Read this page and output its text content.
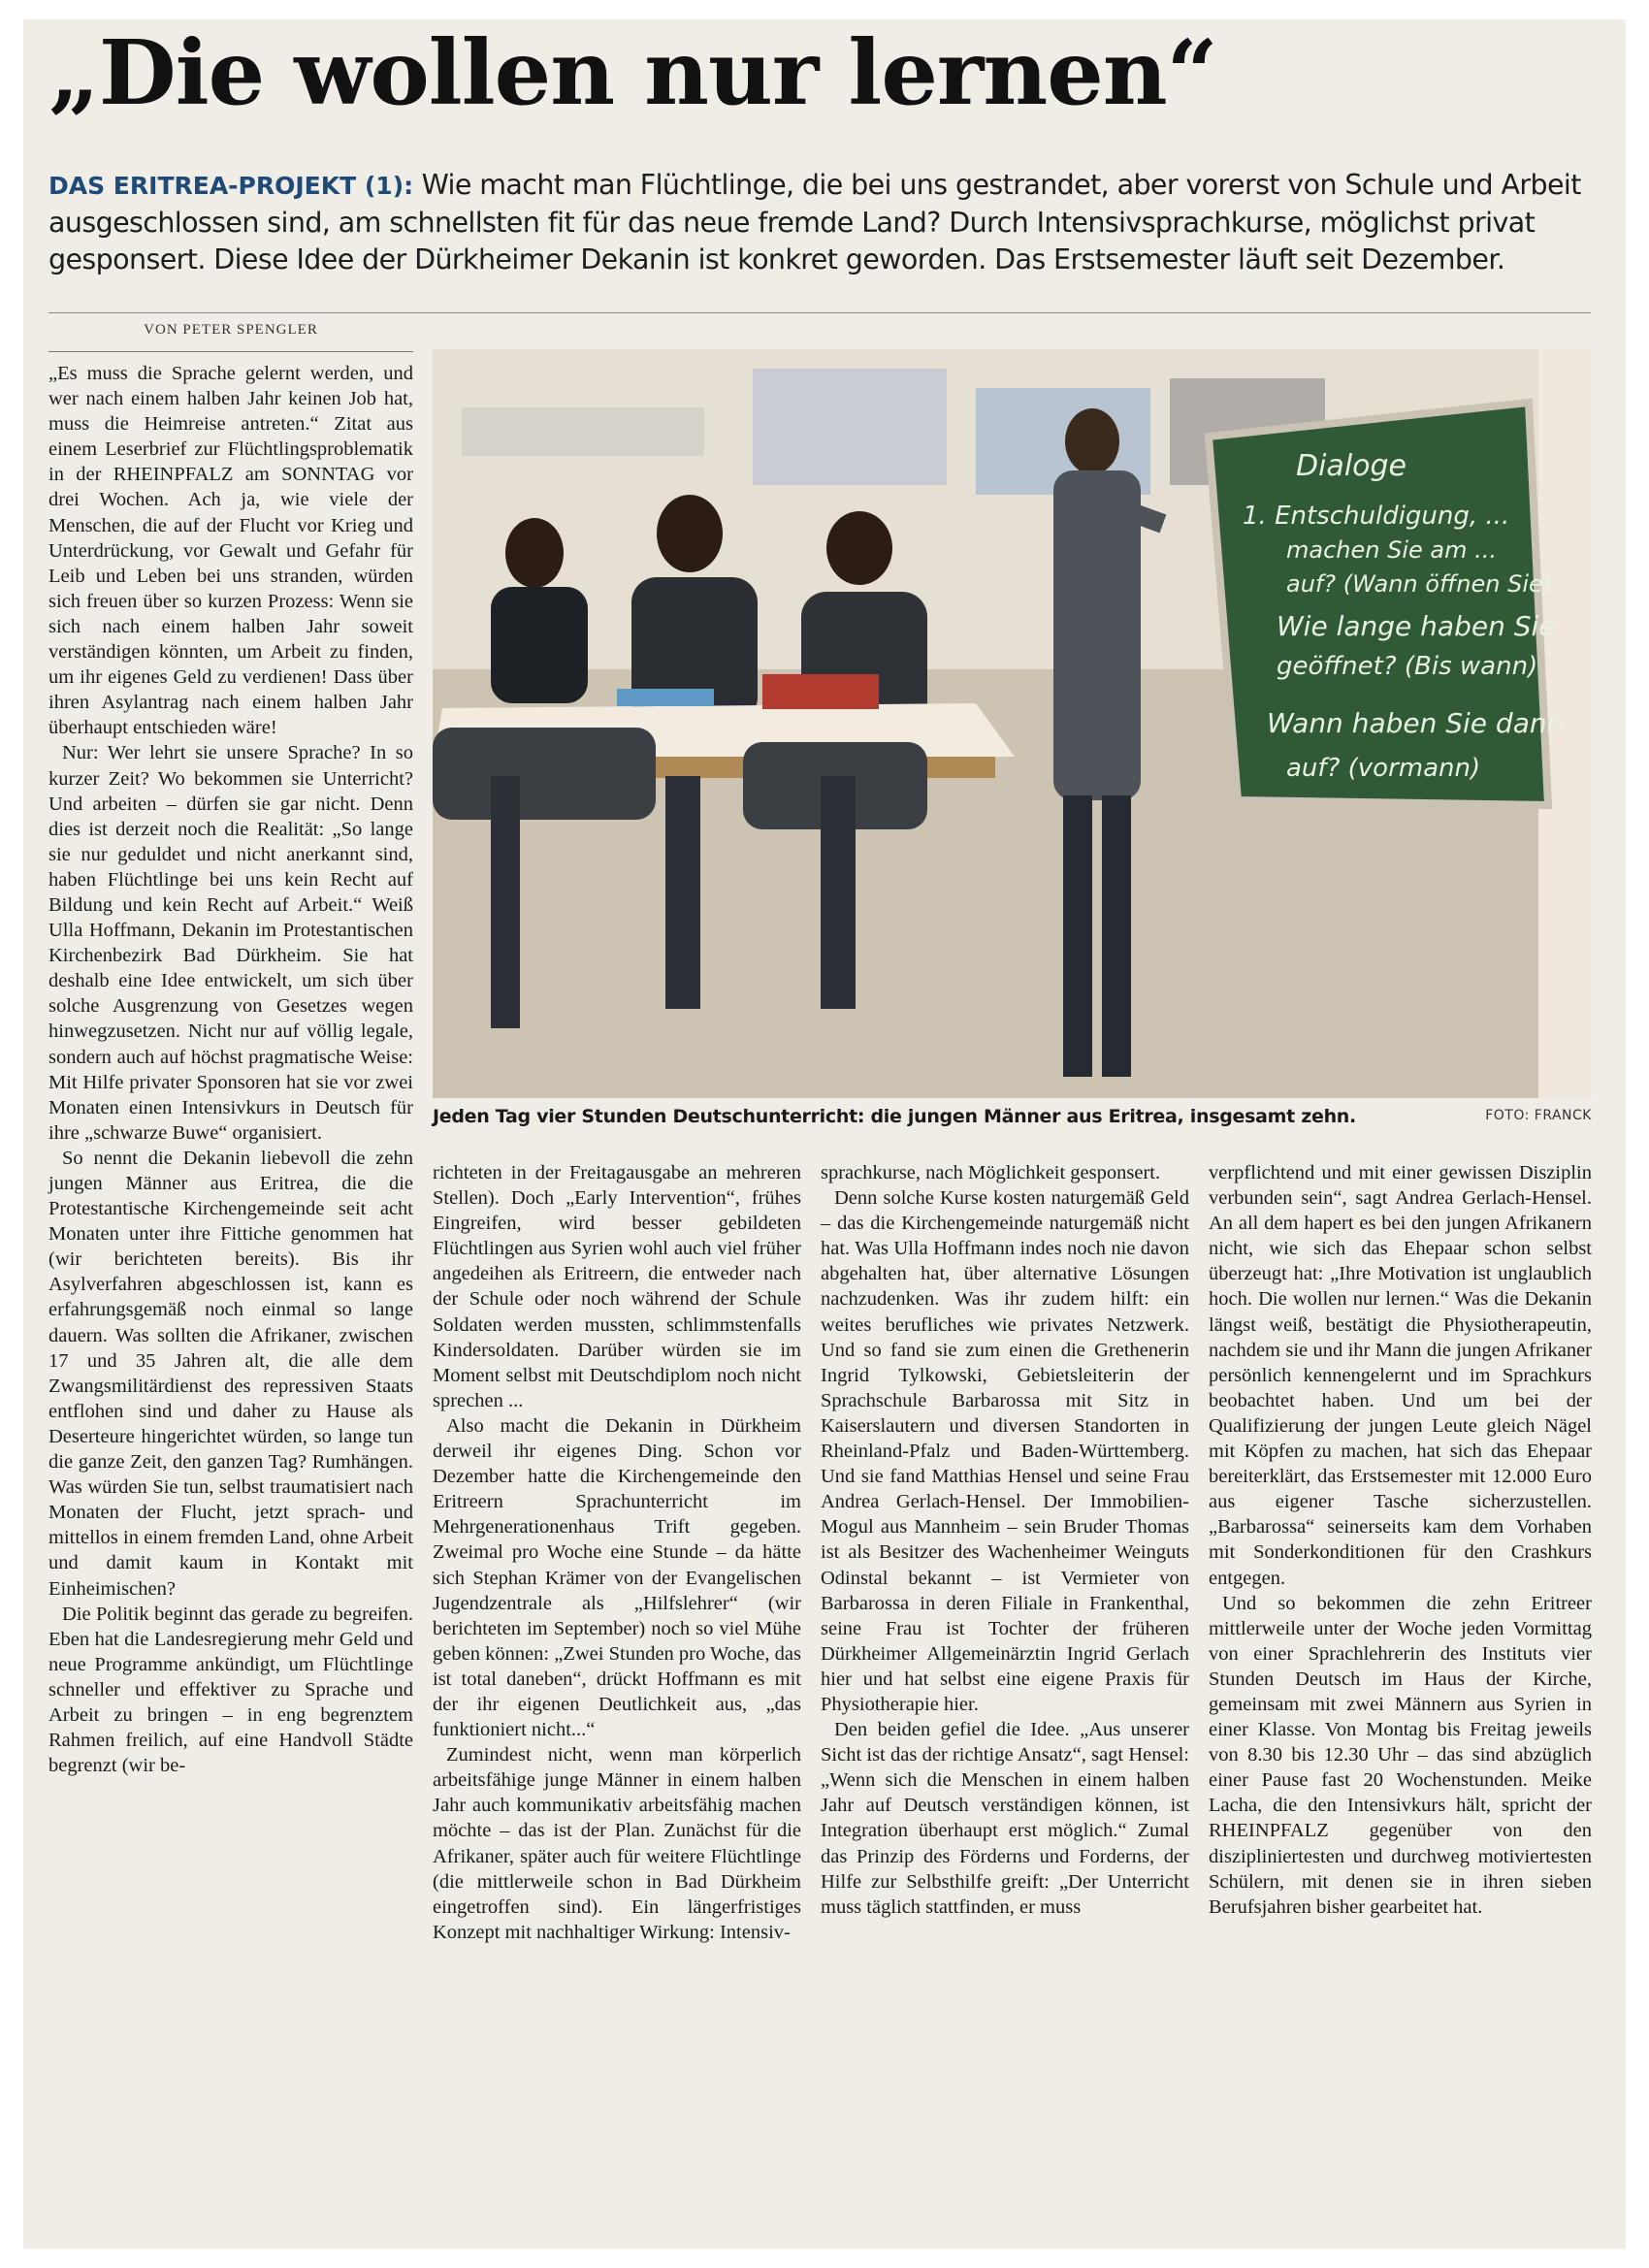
„Die wollen nur lernen“
DAS ERITREA-PROJEKT (1): Wie macht man Flüchtlinge, die bei uns gestrandet, aber vorerst von Schule und Arbeit ausgeschlossen sind, am schnellsten fit für das neue fremde Land? Durch Intensivsprachkurse, möglichst privat gesponsert. Diese Idee der Dürkheimer Dekanin ist konkret geworden. Das Erstsemester läuft seit Dezember.
VON PETER SPENGLER

„Es muss die Sprache gelernt werden, und wer nach einem halben Jahr keinen Job hat, muss die Heimreise antreten.“ Zitat aus einem Leserbrief zur Flüchtlingsproblematik in der RHEINPFALZ am SONNTAG vor drei Wochen. Ach ja, wie viele der Menschen, die auf der Flucht vor Krieg und Unterdrückung, vor Gewalt und Gefahr für Leib und Leben bei uns stranden, würden sich freuen über so kurzen Prozess: Wenn sie sich nach einem halben Jahr soweit verständigen könnten, um Arbeit zu finden, um ihr eigenes Geld zu verdienen! Dass über ihren Asylantrag nach einem halben Jahr überhaupt entschieden wäre!

Nur: Wer lehrt sie unsere Sprache? In so kurzer Zeit? Wo bekommen sie Unterricht? Und arbeiten – dürfen sie gar nicht. Denn dies ist derzeit noch die Realität: „So lange sie nur geduldet und nicht anerkannt sind, haben Flüchtlinge bei uns kein Recht auf Bildung und kein Recht auf Arbeit.“ Weiß Ulla Hoffmann, Dekanin im Protestantischen Kirchenbezirk Bad Dürkheim. Sie hat deshalb eine Idee entwickelt, um sich über solche Ausgrenzung von Gesetzes wegen hinwegzusetzen. Nicht nur auf völlig legale, sondern auch auf höchst pragmatische Weise: Mit Hilfe privater Sponsoren hat sie vor zwei Monaten einen Intensivkurs in Deutsch für ihre „schwarze Buwe“ organisiert.

So nennt die Dekanin liebevoll die zehn jungen Männer aus Eritrea, die die Protestantische Kirchengemeinde seit acht Monaten unter ihre Fittiche genommen hat (wir berichteten bereits). Bis ihr Asylverfahren abgeschlossen ist, kann es erfahrungsgemäß noch einmal so lange dauern. Was sollten die Afrikaner, zwischen 17 und 35 Jahren alt, die alle dem Zwangsmilitärdienst des repressiven Staats entflohen sind und daher zu Hause als Deserteure hingerichtet würden, so lange tun die ganze Zeit, den ganzen Tag? Rumhängen. Was würden Sie tun, selbst traumatisiert nach Monaten der Flucht, jetzt sprach- und mittellos in einem fremden Land, ohne Arbeit und damit kaum in Kontakt mit Einheimischen?

Die Politik beginnt das gerade zu begreifen. Eben hat die Landesregierung mehr Geld und neue Programme ankündigt, um Flüchtlinge schneller und effektiver zu Sprache und Arbeit zu bringen – in eng begrenztem Rahmen freilich, auf eine Handvoll Städte begrenzt (wir be-

Dialoge
1. Entschuldigung, ...
machen Sie am ...
auf? (Wann öffnen Sie)
Wie lange haben Sie
geöffnet? (Bis wann)
Wann haben Sie dann
auf? (vormann)
Jeden Tag vier Stunden Deutschunterricht: die jungen Männer aus Eritrea, insgesamt zehn.	FOTO: FRANCK

richteten in der Freitagausgabe an mehreren Stellen). Doch „Early Intervention“, frühes Eingreifen, wird besser gebildeten Flüchtlingen aus Syrien wohl auch viel früher angedeihen als Eritreern, die entweder nach der Schule oder noch während der Schule Soldaten werden mussten, schlimmstenfalls Kindersoldaten. Darüber würden sie im Moment selbst mit Deutschdiplom noch nicht sprechen ...

Also macht die Dekanin in Dürkheim derweil ihr eigenes Ding. Schon vor Dezember hatte die Kirchengemeinde den Eritreern Sprachunterricht im Mehrgenerationenhaus Trift gegeben. Zweimal pro Woche eine Stunde – da hätte sich Stephan Krämer von der Evangelischen Jugendzentrale als „Hilfslehrer“ (wir berichteten im September) noch so viel Mühe geben können: „Zwei Stunden pro Woche, das ist total daneben“, drückt Hoffmann es mit der ihr eigenen Deutlichkeit aus, „das funktioniert nicht...“

Zumindest nicht, wenn man körperlich arbeitsfähige junge Männer in einem halben Jahr auch kommunikativ arbeitsfähig machen möchte – das ist der Plan. Zunächst für die Afrikaner, später auch für weitere Flüchtlinge (die mittlerweile schon in Bad Dürkheim eingetroffen sind). Ein längerfristiges Konzept mit nachhaltiger Wirkung: Intensiv-

sprachkurse, nach Möglichkeit gesponsert.

Denn solche Kurse kosten naturgemäß Geld – das die Kirchengemeinde naturgemäß nicht hat. Was Ulla Hoffmann indes noch nie davon abgehalten hat, über alternative Lösungen nachzudenken. Was ihr zudem hilft: ein weites berufliches wie privates Netzwerk. Und so fand sie zum einen die Grethenerin Ingrid Tylkowski, Gebietsleiterin der Sprachschule Barbarossa mit Sitz in Kaiserslautern und diversen Standorten in Rheinland-Pfalz und Baden-Württemberg. Und sie fand Matthias Hensel und seine Frau Andrea Gerlach-Hensel. Der Immobilien-Mogul aus Mannheim – sein Bruder Thomas ist als Besitzer des Wachenheimer Weinguts Odinstal bekannt – ist Vermieter von Barbarossa in deren Filiale in Frankenthal, seine Frau ist Tochter der früheren Dürkheimer Allgemeinärztin Ingrid Gerlach hier und hat selbst eine eigene Praxis für Physiotherapie hier.

Den beiden gefiel die Idee. „Aus unserer Sicht ist das der richtige Ansatz“, sagt Hensel: „Wenn sich die Menschen in einem halben Jahr auf Deutsch verständigen können, ist Integration überhaupt erst möglich.“ Zumal das Prinzip des Förderns und Forderns, der Hilfe zur Selbsthilfe greift: „Der Unterricht muss täglich stattfinden, er muss

verpflichtend und mit einer gewissen Disziplin verbunden sein“, sagt Andrea Gerlach-Hensel. An all dem hapert es bei den jungen Afrikanern nicht, wie sich das Ehepaar schon selbst überzeugt hat: „Ihre Motivation ist unglaublich hoch. Die wollen nur lernen.“ Was die Dekanin längst weiß, bestätigt die Physiotherapeutin, nachdem sie und ihr Mann die jungen Afrikaner persönlich kennengelernt und im Sprachkurs beobachtet haben. Und um bei der Qualifizierung der jungen Leute gleich Nägel mit Köpfen zu machen, hat sich das Ehepaar bereiterklärt, das Erstsemester mit 12.000 Euro aus eigener Tasche sicherzustellen. „Barbarossa“ seinerseits kam dem Vorhaben mit Sonderkonditionen für den Crashkurs entgegen.

Und so bekommen die zehn Eritreer mittlerweile unter der Woche jeden Vormittag von einer Sprachlehrerin des Instituts vier Stunden Deutsch im Haus der Kirche, gemeinsam mit zwei Männern aus Syrien in einer Klasse. Von Montag bis Freitag jeweils von 8.30 bis 12.30 Uhr – das sind abzüglich einer Pause fast 20 Wochenstunden. Meike Lacha, die den Intensivkurs hält, spricht der RHEINPFALZ gegenüber von den diszipliniertesten und durchweg motiviertesten Schülern, mit denen sie in ihren sieben Berufsjahren bisher gearbeitet hat.
